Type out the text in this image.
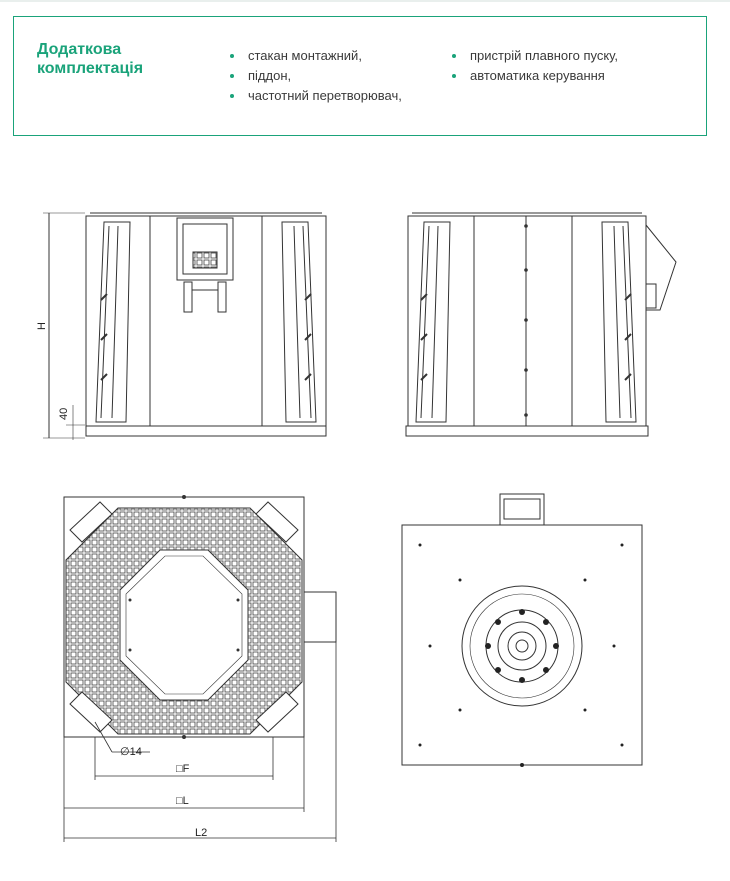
Додаткова
комплектація
стакан монтажний,
піддон,
частотний перетворювач,
пристрій плавного пуску,
автоматика керування
H
40
∅14
□F
□L
L2
